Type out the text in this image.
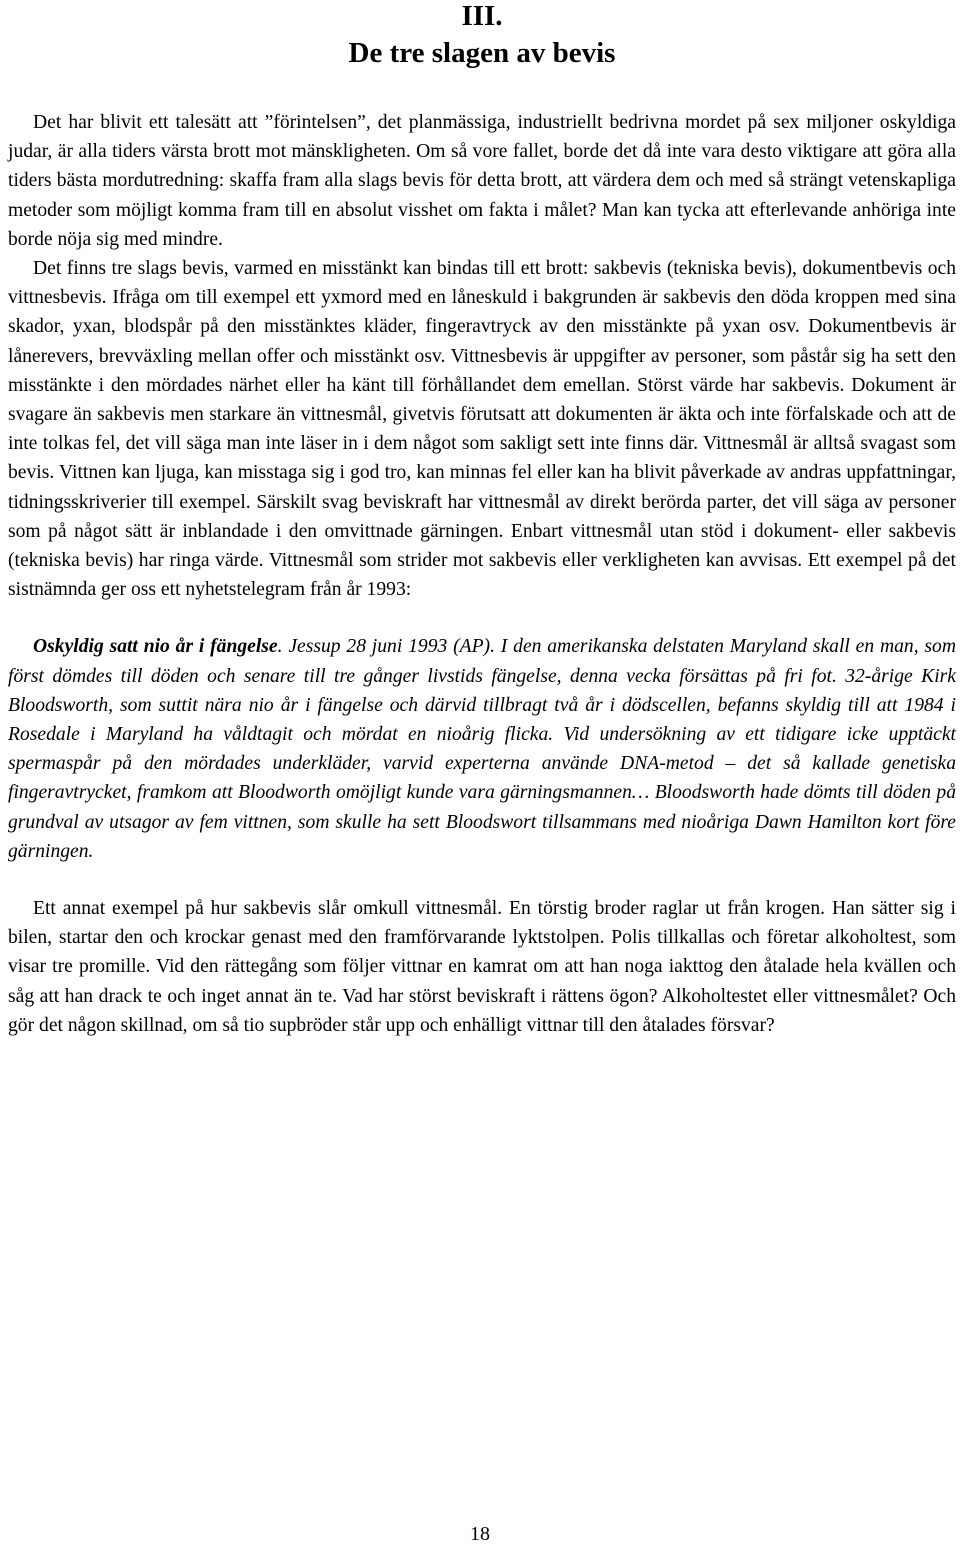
III.
De tre slagen av bevis

Det har blivit ett talesätt att ”förintelsen”, det planmässiga, industriellt bedrivna mordet på sex miljoner oskyldiga judar, är alla tiders värsta brott mot mänskligheten. Om så vore fallet, borde det då inte vara desto viktigare att göra alla tiders bästa mordutredning: skaffa fram alla slags bevis för detta brott, att värdera dem och med så strängt vetenskapliga metoder som möjligt komma fram till en absolut visshet om fakta i målet? Man kan tycka att efterlevande anhöriga inte borde nöja sig med mindre.

Det finns tre slags bevis, varmed en misstänkt kan bindas till ett brott: sakbevis (tekniska bevis), dokumentbevis och vittnesbevis. Ifråga om till exempel ett yxmord med en låneskuld i bakgrunden är sakbevis den döda kroppen med sina skador, yxan, blodspår på den misstänktes kläder, fingeravtryck av den misstänkte på yxan osv. Dokumentbevis är lånerevers, brevväxling mellan offer och misstänkt osv. Vittnesbevis är uppgifter av personer, som påstår sig ha sett den misstänkte i den mördades närhet eller ha känt till förhållandet dem emellan. Störst värde har sakbevis. Dokument är svagare än sakbevis men starkare än vittnesmål, givetvis förutsatt att dokumenten är äkta och inte förfalskade och att de inte tolkas fel, det vill säga man inte läser in i dem något som sakligt sett inte finns där. Vittnesmål är alltså svagast som bevis. Vittnen kan ljuga, kan misstaga sig i god tro, kan minnas fel eller kan ha blivit påverkade av andras uppfattningar, tidningsskriverier till exempel. Särskilt svag beviskraft har vittnesmål av direkt berörda parter, det vill säga av personer som på något sätt är inblandade i den omvittnade gärningen. Enbart vittnesmål utan stöd i dokument- eller sakbevis (tekniska bevis) har ringa värde. Vittnesmål som strider mot sakbevis eller verkligheten kan avvisas. Ett exempel på det sistnämnda ger oss ett nyhetstelegram från år 1993:

Oskyldig satt nio år i fängelse. Jessup 28 juni 1993 (AP). I den amerikanska delstaten Maryland skall en man, som först dömdes till döden och senare till tre gånger livstids fängelse, denna vecka försättas på fri fot. 32-årige Kirk Bloodsworth, som suttit nära nio år i fängelse och därvid tillbragt två år i dödscellen, befanns skyldig till att 1984 i Rosedale i Maryland ha våldtagit och mördat en nioårig flicka. Vid undersökning av ett tidigare icke upptäckt spermaspår på den mördades underkläder, varvid experterna använde DNA-metod – det så kallade genetiska fingeravtrycket, framkom att Bloodworth omöjligt kunde vara gärningsmannen… Bloodsworth hade dömts till döden på grundval av utsagor av fem vittnen, som skulle ha sett Bloodswort tillsammans med nioåriga Dawn Hamilton kort före gärningen.

Ett annat exempel på hur sakbevis slår omkull vittnesmål. En törstig broder raglar ut från krogen. Han sätter sig i bilen, startar den och krockar genast med den framförvarande lyktstolpen. Polis tillkallas och företar alkoholtest, som visar tre promille. Vid den rättegång som följer vittnar en kamrat om att han noga iakttog den åtalade hela kvällen och såg att han drack te och inget annat än te. Vad har störst beviskraft i rättens ögon? Alkoholtestet eller vittnesmålet? Och gör det någon skillnad, om så tio supbröder står upp och enhälligt vittnar till den åtalades försvar?

18
